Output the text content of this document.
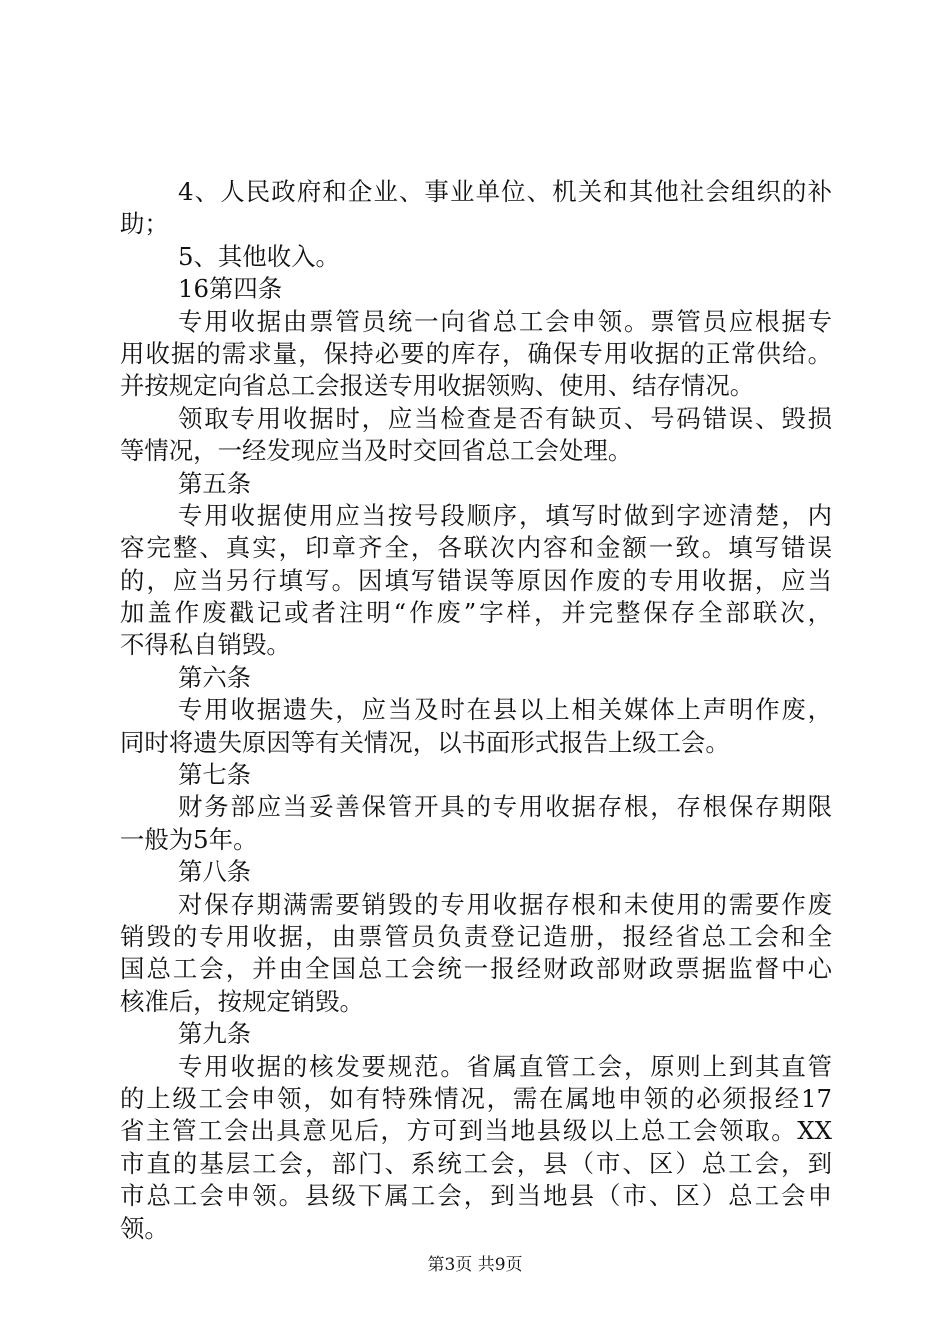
4、人民政府和企业、事业单位、机关和其他社会组织的补
助；
5、其他收入。
16第四条
专用收据由票管员统一向省总工会申领。票管员应根据专
用收据的需求量，保持必要的库存，确保专用收据的正常供给。
并按规定向省总工会报送专用收据领购、使用、结存情况。
领取专用收据时，应当检查是否有缺页、号码错误、毁损
等情况，一经发现应当及时交回省总工会处理。
第五条
专用收据使用应当按号段顺序，填写时做到字迹清楚，内
容完整、真实，印章齐全，各联次内容和金额一致。填写错误
的，应当另行填写。因填写错误等原因作废的专用收据，应当
加盖作废戳记或者注明“作废”字样，并完整保存全部联次，
不得私自销毁。
第六条
专用收据遗失，应当及时在县以上相关媒体上声明作废，
同时将遗失原因等有关情况，以书面形式报告上级工会。
第七条
财务部应当妥善保管开具的专用收据存根，存根保存期限
一般为5年。
第八条
对保存期满需要销毁的专用收据存根和未使用的需要作废
销毁的专用收据，由票管员负责登记造册，报经省总工会和全
国总工会，并由全国总工会统一报经财政部财政票据监督中心
核准后，按规定销毁。
第九条
专用收据的核发要规范。省属直管工会，原则上到其直管
的上级工会申领，如有特殊情况，需在属地申领的必须报经17
省主管工会出具意见后，方可到当地县级以上总工会领取。XX
市直的基层工会，部门、系统工会，县（市、区）总工会，到
市总工会申领。县级下属工会，到当地县（市、区）总工会申
领。
第3页 共9页
